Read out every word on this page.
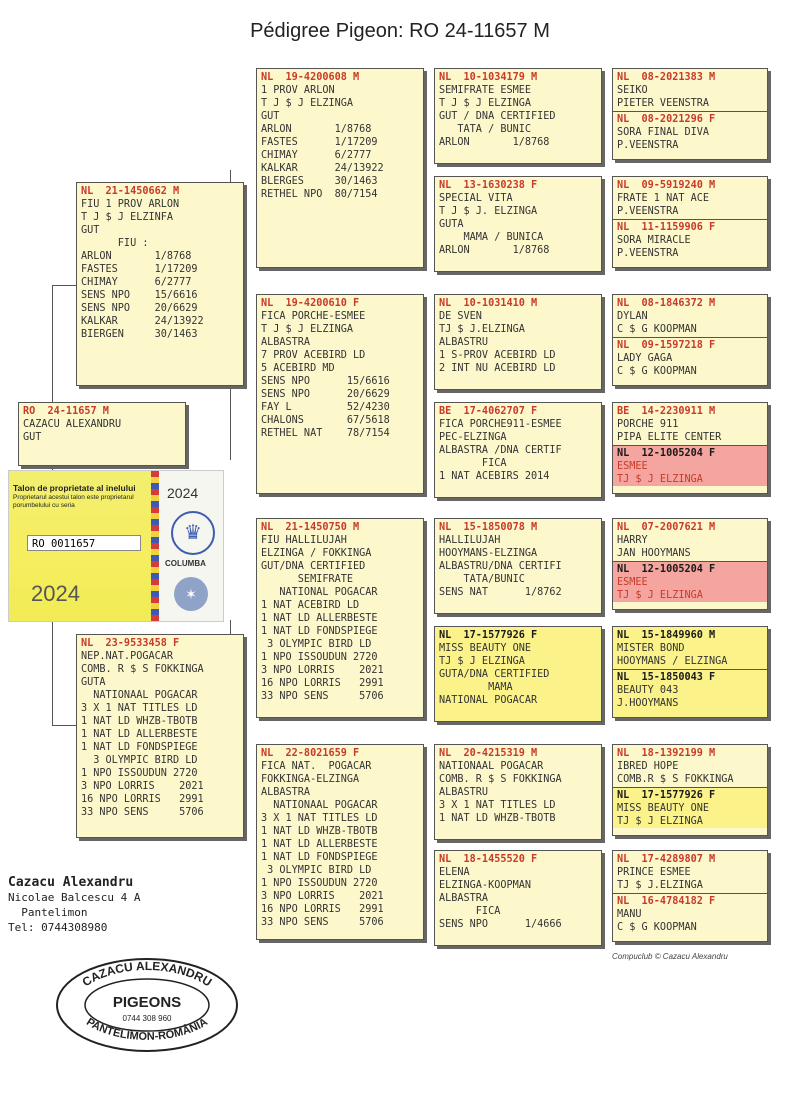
Pédigree Pigeon: RO 24-11657 M
RO  24-11657 M
CAZACU ALEXANDRU
GUT
NL  21-1450662 M
FIU 1 PROV ARLON
T J $ J ELZINFA
GUT
FIU :
ARLON       1/8768
FASTES      1/17209
CHIMAY      6/2777
SENS NPO    15/6616
SENS NPO    20/6629
KALKAR      24/13922
BIERGEN     30/1463
NL  23-9533458 F
NEP.NAT.POGACAR
COMB. R $ S FOKKINGA
GUTA
NATIONAAL POGACAR
3 X 1 NAT TITLES LD
1 NAT LD WHZB-TBOTB
1 NAT LD ALLERBESTE
1 NAT LD FONDSPIEGE
3 OLYMPIC BIRD LD
1 NPO ISSOUDUN 2720
3 NPO LORRIS    2021
16 NPO LORRIS   2991
33 NPO SENS     5706
NL  19-4200608 M
1 PROV ARLON
T J $ J ELZINGA
GUT
ARLON       1/8768
FASTES      1/17209
CHIMAY      6/2777
KALKAR      24/13922
BLERGES     30/1463
RETHEL NPO  80/7154
NL  19-4200610 F
FICA PORCHE-ESMEE
T J $ J ELZINGA
ALBASTRA
7 PROV ACEBIRD LD
5 ACEBIRD MD
SENS NPO      15/6616
SENS NPO      20/6629
FAY L         52/4230
CHALONS       67/5618
RETHEL NAT    78/7154
NL  21-1450750 M
FIU HALLILUJAH
ELZINGA / FOKKINGA
GUT/DNA CERTIFIED
SEMIFRATE
NATIONAL POGACAR
1 NAT ACEBIRD LD
1 NAT LD ALLERBESTE
1 NAT LD FONDSPIEGE
3 OLYMPIC BIRD LD
1 NPO ISSOUDUN 2720
3 NPO LORRIS    2021
16 NPO LORRIS   2991
33 NPO SENS     5706
NL  22-8021659 F
FICA NAT.  POGACAR
FOKKINGA-ELZINGA
ALBASTRA
NATIONAAL POGACAR
3 X 1 NAT TITLES LD
1 NAT LD WHZB-TBOTB
1 NAT LD ALLERBESTE
1 NAT LD FONDSPIEGE
3 OLYMPIC BIRD LD
1 NPO ISSOUDUN 2720
3 NPO LORRIS    2021
16 NPO LORRIS   2991
33 NPO SENS     5706
NL  10-1034179 M
SEMIFRATE ESMEE
T J $ J ELZINGA
GUT / DNA CERTIFIED
TATA / BUNIC
ARLON       1/8768
NL  13-1630238 F
SPECIAL VITA
T J $ J. ELZINGA
GUTA
MAMA / BUNICA
ARLON       1/8768
NL  10-1031410 M
DE SVEN
TJ $ J.ELZINGA
ALBASTRU
1 S-PROV ACEBIRD LD
2 INT NU ACEBIRD LD
BE  17-4062707 F
FICA PORCHE911-ESMEE
PEC-ELZINGA
ALBASTRA /DNA CERTIF
FICA
1 NAT ACEBIRS 2014
NL  15-1850078 M
HALLILUJAH
HOOYMANS-ELZINGA
ALBASTRU/DNA CERTIFI
TATA/BUNIC
SENS NAT      1/8762
NL  17-1577926 F
MISS BEAUTY ONE
TJ $ J ELZINGA
GUTA/DNA CERTIFIED
MAMA
NATIONAL POGACAR
NL  20-4215319 M
NATIONAAL POGACAR
COMB. R $ S FOKKINGA
ALBASTRU
3 X 1 NAT TITLES LD
1 NAT LD WHZB-TBOTB
NL  18-1455520 F
ELENA
ELZINGA-KOOPMAN
ALBASTRA
FICA
SENS NPO      1/4666
NL  08-2021383 M
SEIKO
PIETER VEENSTRA
NL  08-2021296 F
SORA FINAL DIVA
P.VEENSTRA
NL  09-5919240 M
FRATE 1 NAT ACE
P.VEENSTRA
NL  11-1159906 F
SORA MIRACLE
P.VEENSTRA
NL  08-1846372 M
DYLAN
C $ G KOOPMAN
NL  09-1597218 F
LADY GAGA
C $ G KOOPMAN
BE  14-2230911 M
PORCHE 911
PIPA ELITE CENTER
NL  12-1005204 F
ESMEE
TJ $ J ELZINGA
NL  07-2007621 M
HARRY
JAN HOOYMANS
NL  12-1005204 F
ESMEE
TJ $ J ELZINGA
NL  15-1849960 M
MISTER BOND
HOOYMANS / ELZINGA
NL  15-1850043 F
BEAUTY 043
J.HOOYMANS
NL  18-1392199 M
IBRED HOPE
COMB.R $ S FOKKINGA
NL  17-1577926 F
MISS BEAUTY ONE
TJ $ J ELZINGA
NL  17-4289807 M
PRINCE ESMEE
TJ $ J.ELZINGA
NL  16-4784182 F
MANU
C $ G KOOPMAN
Talon de proprietate al inelului
Proprietarul acestui talon este proprietarul porumbelului cu seria
RO 0011657
2024
2024
♛
COLUMBA
✶
Cazacu Alexandru
Nicolae Balcescu 4 A
Pantelimon
Tel: 0744308980
Compuclub © Cazacu Alexandru
CAZACU ALEXANDRU
PIGEONS
0744 308 960
PANTELIMON-ROMÂNIA
